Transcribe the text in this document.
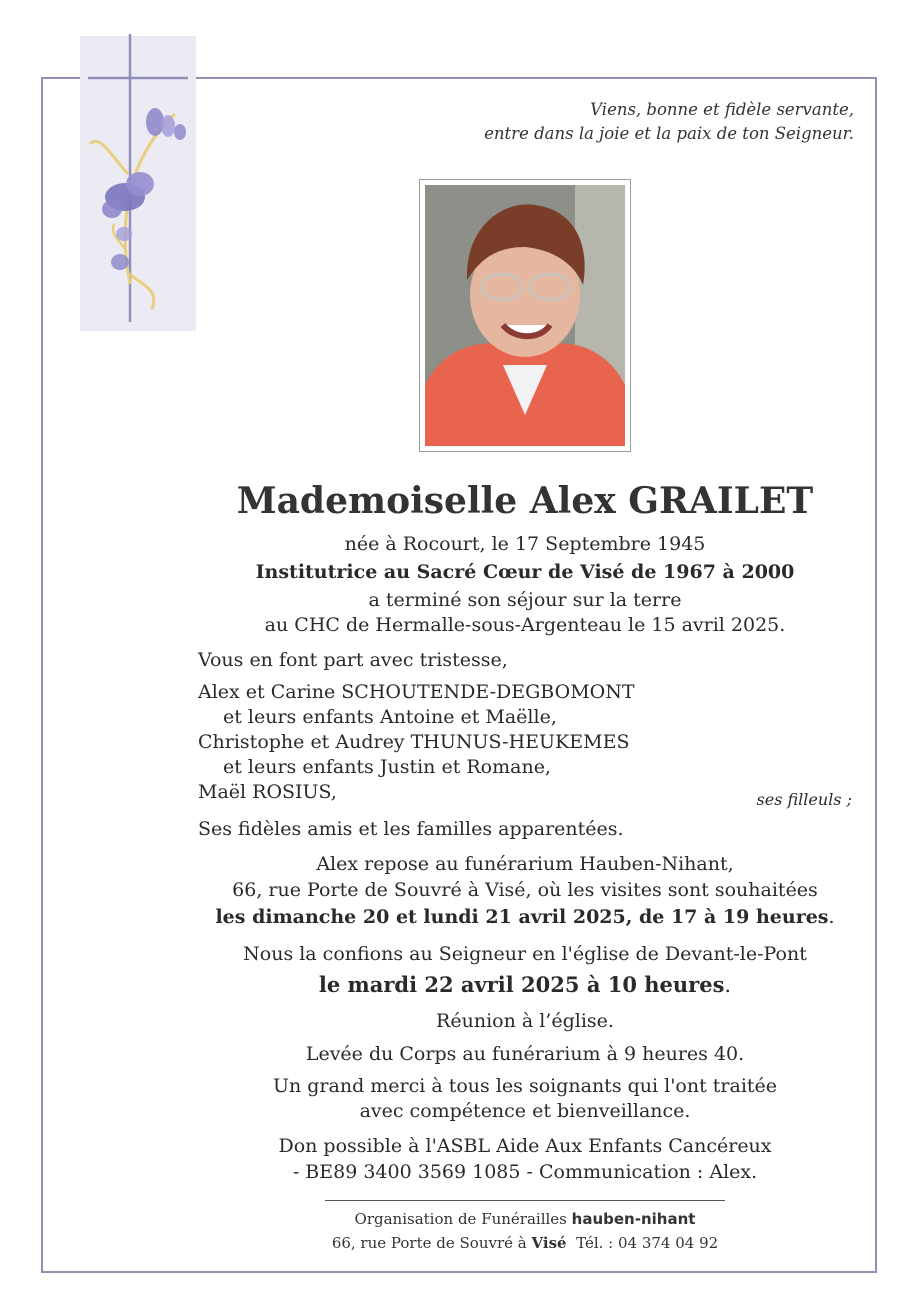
Viens, bonne et fidèle servante,
entre dans la joie et la paix de ton Seigneur.
Mademoiselle Alex GRAILET
née à Rocourt, le 17 Septembre 1945
Institutrice au Sacré Cœur de Visé de 1967 à 2000
a terminé son séjour sur la terre
au CHC de Hermalle-sous-Argenteau le 15 avril 2025.
Vous en font part avec tristesse,
Alex et Carine SCHOUTENDE-DEGBOMONT
et leurs enfants Antoine et Maëlle,
Christophe et Audrey THUNUS-HEUKEMES
et leurs enfants Justin et Romane,
Maël ROSIUS,	ses filleuls ;
Ses fidèles amis et les familles apparentées.
Alex repose au funérarium Hauben-Nihant,
66, rue Porte de Souvré à Visé, où les visites sont souhaitées
les dimanche 20 et lundi 21 avril 2025, de 17 à 19 heures.
Nous la confions au Seigneur en l'église de Devant-le-Pont
le mardi 22 avril 2025 à 10 heures.
Réunion à l’église.
Levée du Corps au funérarium à 9 heures 40.
Un grand merci à tous les soignants qui l'ont traitée
avec compétence et bienveillance.
Don possible à l'ASBL Aide Aux Enfants Cancéreux
- BE89 3400 3569 1085 - Communication : Alex.
Organisation de Funérailles hauben-nihant
66, rue Porte de Souvré à Visé Tél. : 04 374 04 92
